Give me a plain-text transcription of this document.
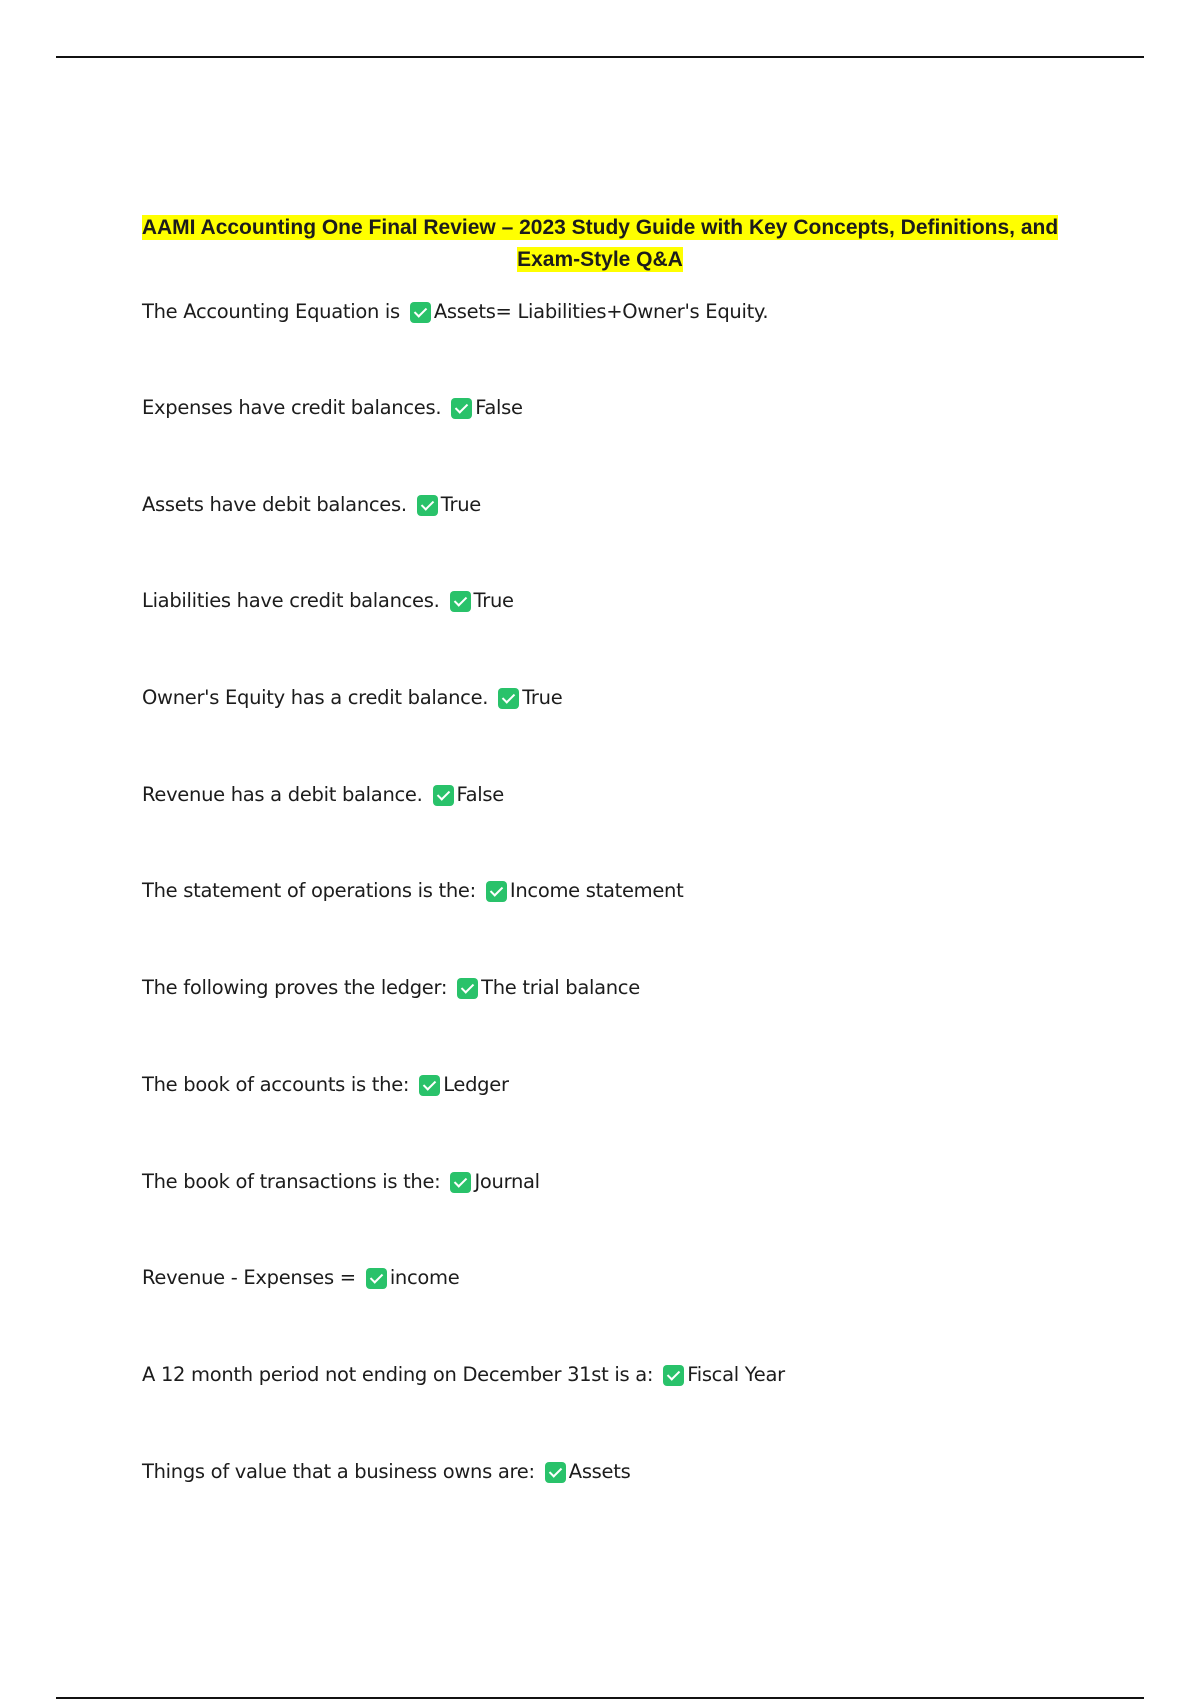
AAMI Accounting One Final Review – 2023 Study Guide with Key Concepts, Definitions, and
Exam-Style Q&A
The Accounting Equation is Assets= Liabilities+Owner's Equity.
Expenses have credit balances. False
Assets have debit balances. True
Liabilities have credit balances. True
Owner's Equity has a credit balance. True
Revenue has a debit balance. False
The statement of operations is the: Income statement
The following proves the ledger: The trial balance
The book of accounts is the: Ledger
The book of transactions is the: Journal
Revenue - Expenses = income
A 12 month period not ending on December 31st is a: Fiscal Year
Things of value that a business owns are: Assets
